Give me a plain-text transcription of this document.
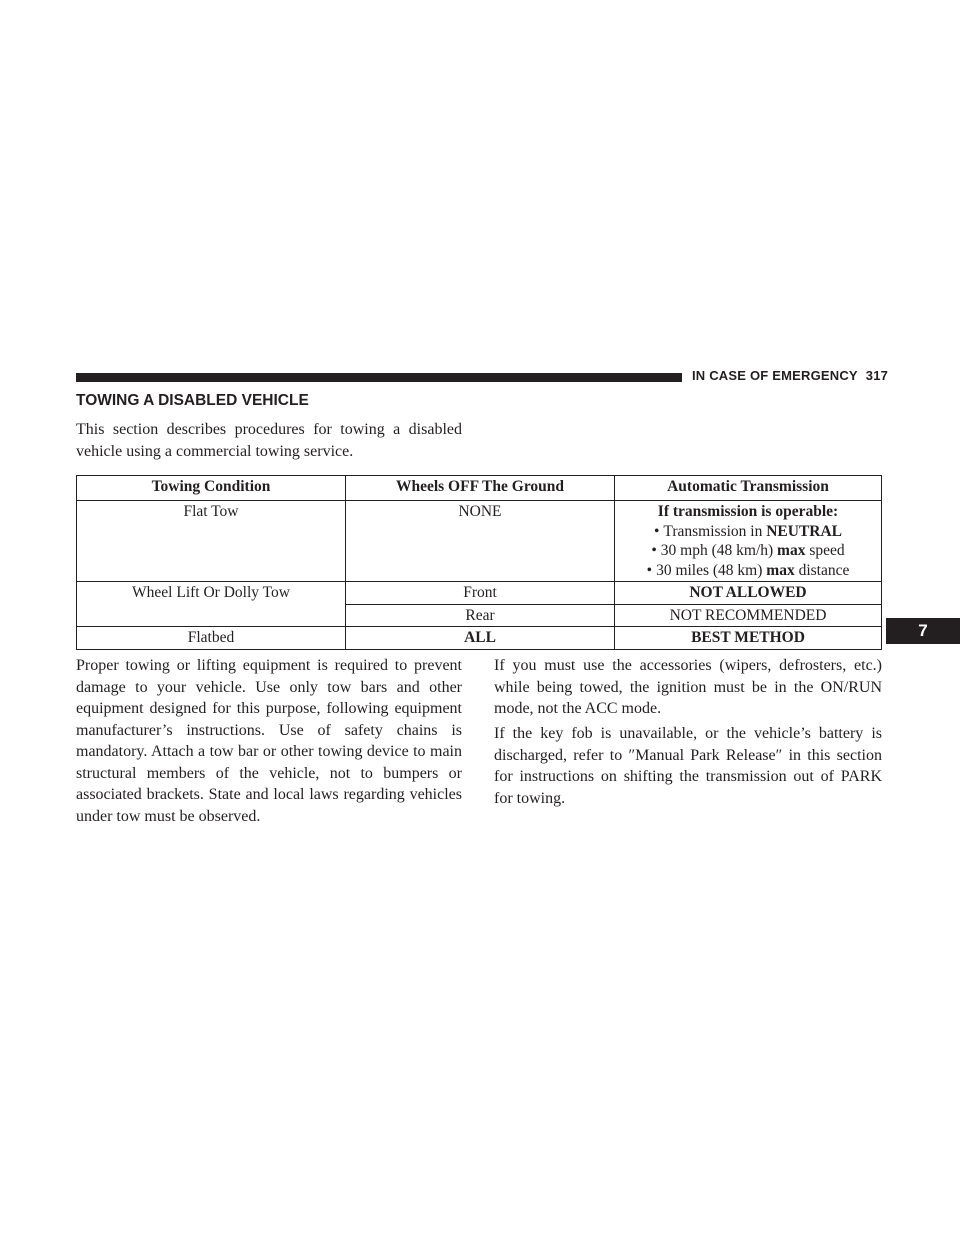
IN CASE OF EMERGENCY 317
7
TOWING A DISABLED VEHICLE

This section describes procedures for towing a disabled vehicle using a commercial towing service.

Towing Condition	Wheels OFF The Ground	Automatic Transmission
Flat Tow	NONE	If transmission is operable:
• Transmission in NEUTRAL
• 30 mph (48 km/h) max speed
• 30 miles (48 km) max distance

Wheel Lift Or Dolly Tow	Front	NOT ALLOWED
	Rear	NOT RECOMMENDED
Flatbed	ALL	BEST METHOD

Proper towing or lifting equipment is required to prevent damage to your vehicle. Use only tow bars and other equipment designed for this purpose, following equipment manufacturer’s instructions. Use of safety chains is mandatory. Attach a tow bar or other towing device to main structural members of the vehicle, not to bumpers or associated brackets. State and local laws regarding vehicles under tow must be observed.

If you must use the accessories (wipers, defrosters, etc.) while being towed, the ignition must be in the ON/RUN mode, not the ACC mode.

If the key fob is unavailable, or the vehicle’s battery is discharged, refer to ″Manual Park Release″ in this section for instructions on shifting the transmission out of PARK for towing.
